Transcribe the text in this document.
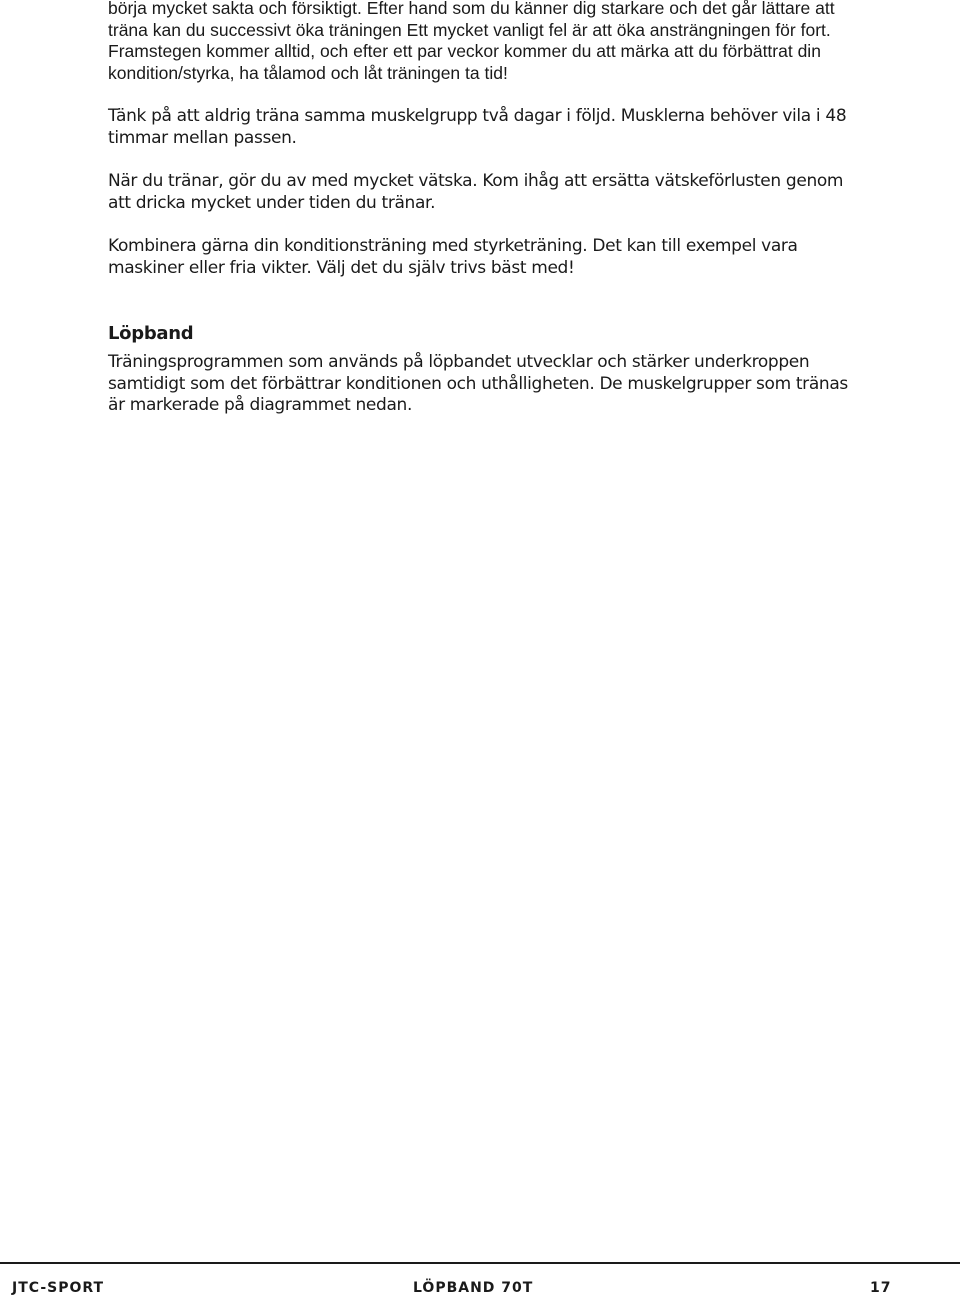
börja mycket sakta och försiktigt. Efter hand som du känner dig starkare och det går lättare att träna kan du successivt öka träningen Ett mycket vanligt fel är att öka ansträngningen för fort. Framstegen kommer alltid, och efter ett par veckor kommer du att märka att du förbättrat din kondition/styrka, ha tålamod och låt träningen ta tid!

Tänk på att aldrig träna samma muskelgrupp två dagar i följd. Musklerna behöver vila i 48 timmar mellan passen.

När du tränar, gör du av med mycket vätska. Kom ihåg att ersätta vätskeförlusten genom att dricka mycket under tiden du tränar.

Kombinera gärna din konditionsträning med styrketräning. Det kan till exempel vara maskiner eller fria vikter. Välj det du själv trivs bäst med!

Löpband

Träningsprogrammen som används på löpbandet utvecklar och stärker underkroppen samtidigt som det förbättrar konditionen och uthålligheten. De muskelgrupper som tränas är markerade på diagrammet nedan.

JTC-SPORT	LÖPBAND 70T	17
